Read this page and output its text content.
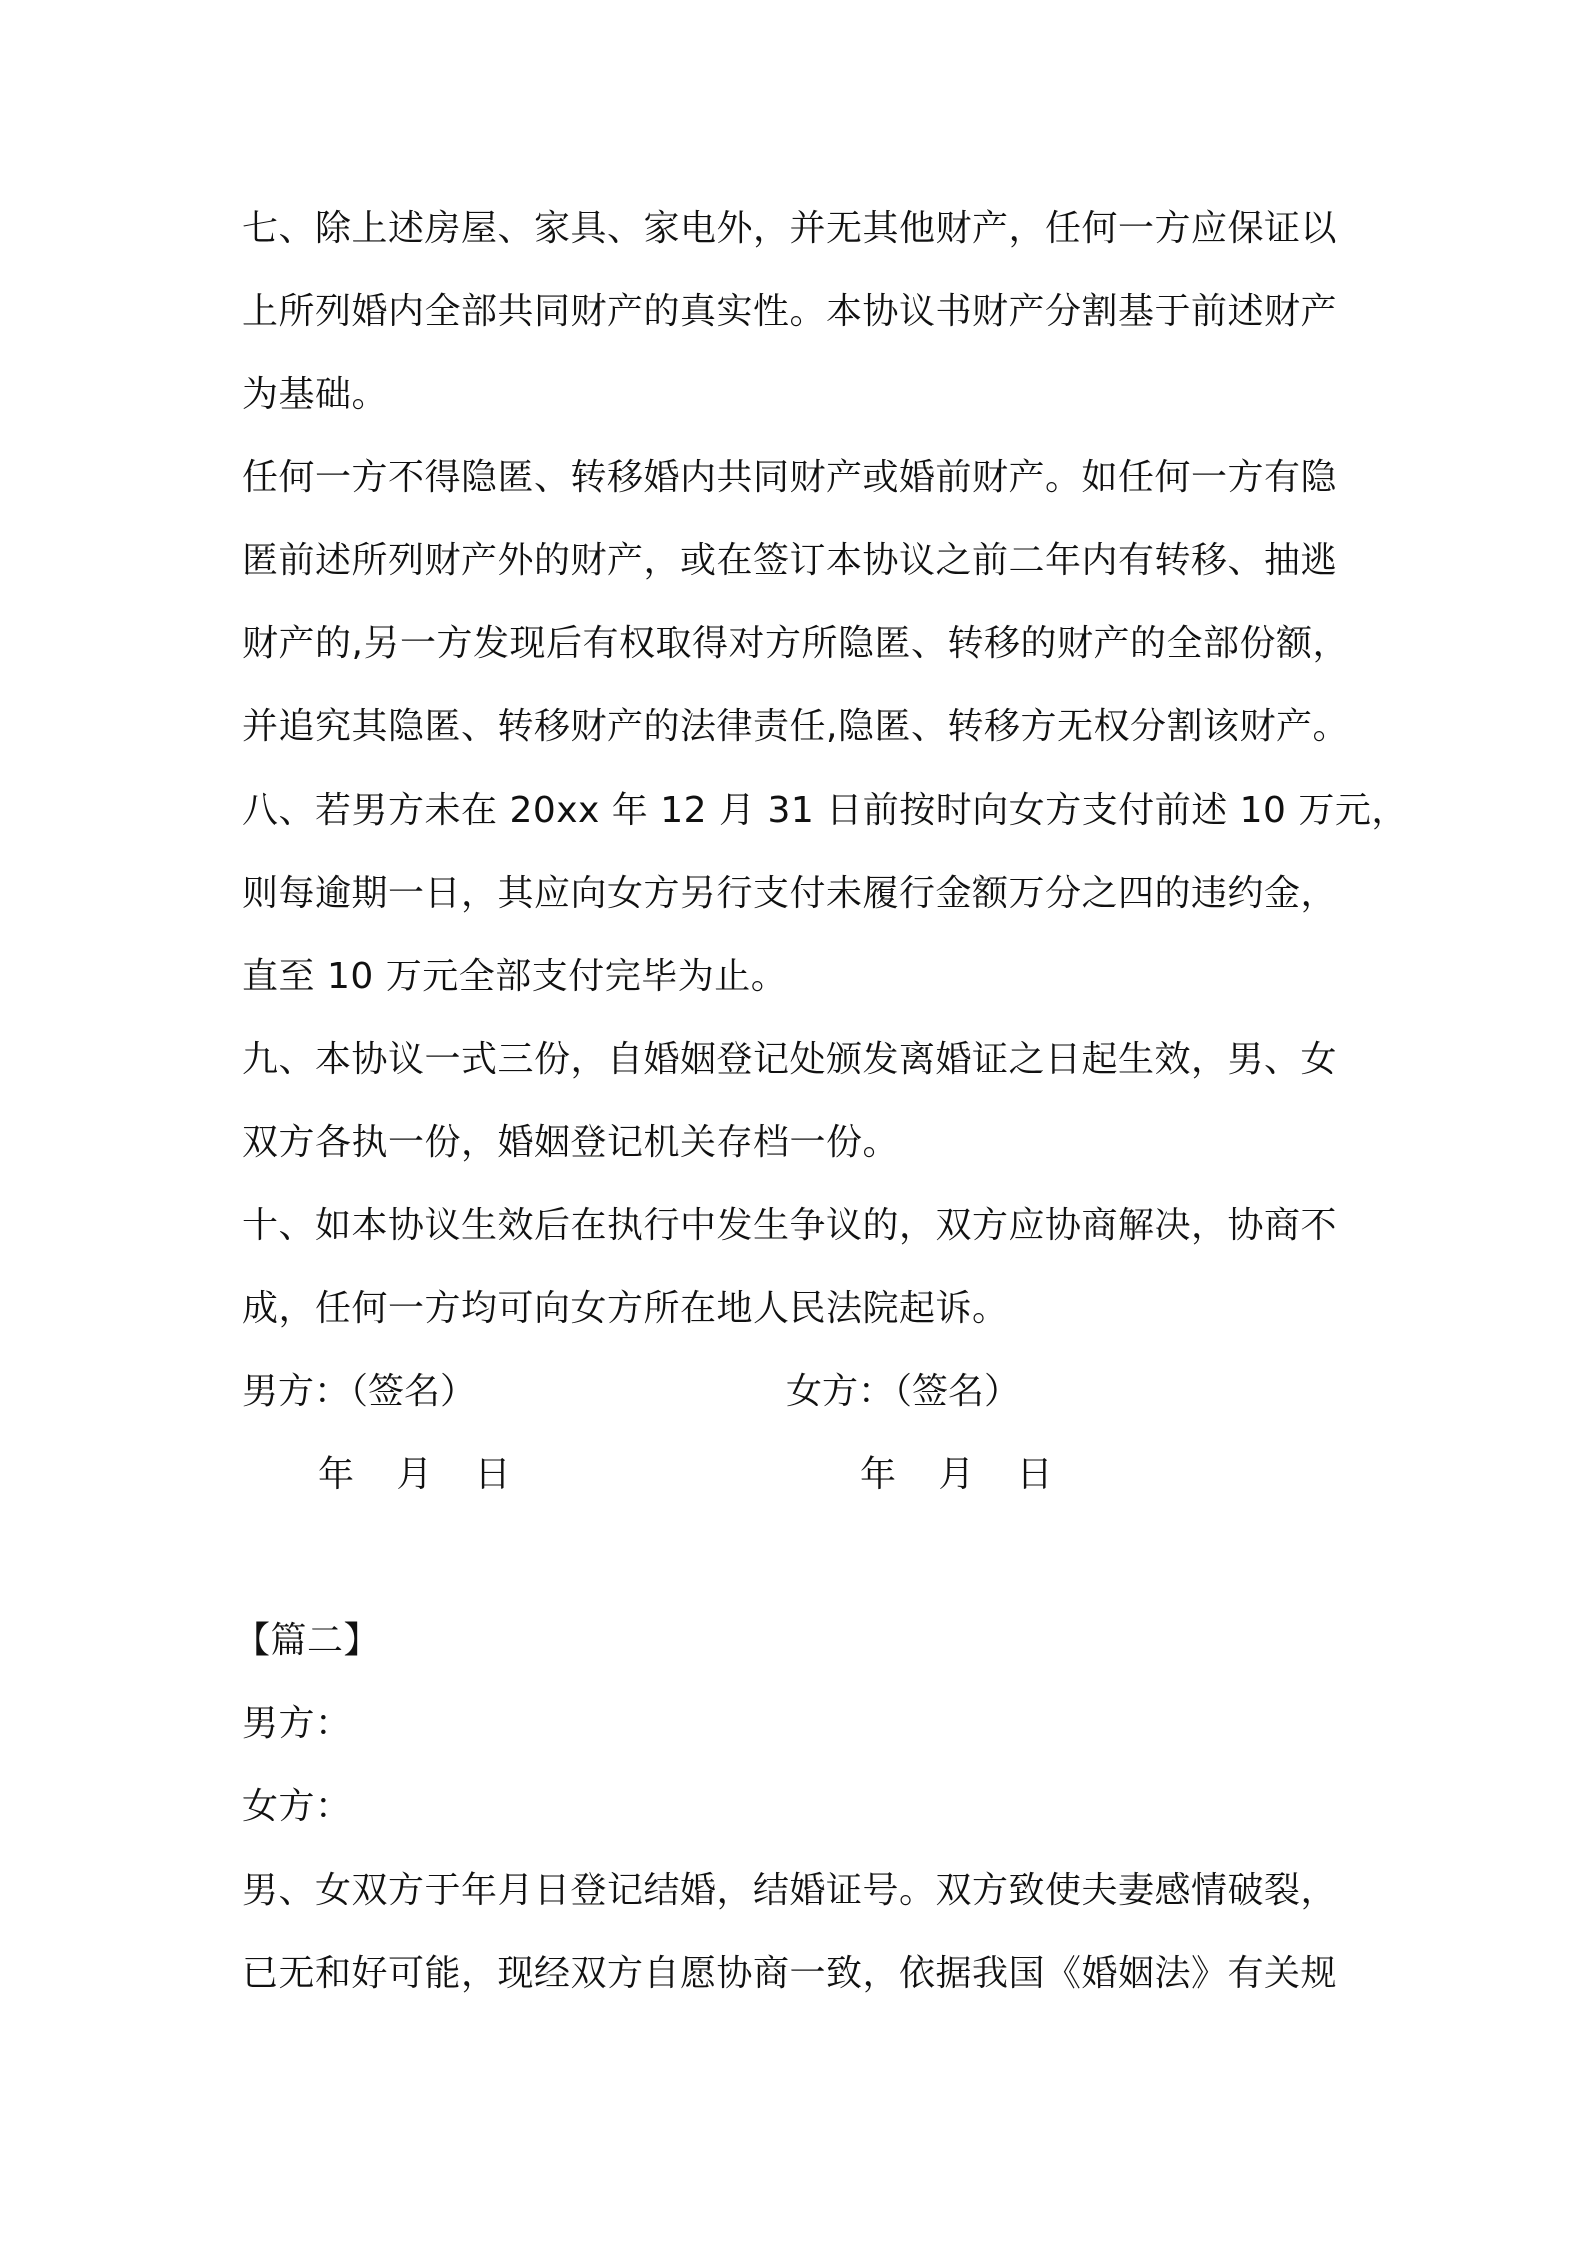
七、除上述房屋、家具、家电外，并无其他财产，任何一方应保证以
上所列婚内全部共同财产的真实性。本协议书财产分割基于前述财产
为基础。
任何一方不得隐匿、转移婚内共同财产或婚前财产。如任何一方有隐
匿前述所列财产外的财产，或在签订本协议之前二年内有转移、抽逃
财产的,另一方发现后有权取得对方所隐匿、转移的财产的全部份额，
并追究其隐匿、转移财产的法律责任,隐匿、转移方无权分割该财产。
八、若男方未在 20xx 年 12 月 31 日前按时向女方支付前述 10 万元，
则每逾期一日，其应向女方另行支付未履行金额万分之四的违约金，
直至 10 万元全部支付完毕为止。
九、本协议一式三份，自婚姻登记处颁发离婚证之日起生效，男、女
双方各执一份，婚姻登记机关存档一份。
十、如本协议生效后在执行中发生争议的，双方应协商解决，协商不
成，任何一方均可向女方所在地人民法院起诉。
男方：（签名）	女方：（签名）
年   月   日	年   月   日
【篇二】
男方：
女方：
男、女双方于年月日登记结婚，结婚证号。双方致使夫妻感情破裂，
已无和好可能，现经双方自愿协商一致，依据我国《婚姻法》有关规
